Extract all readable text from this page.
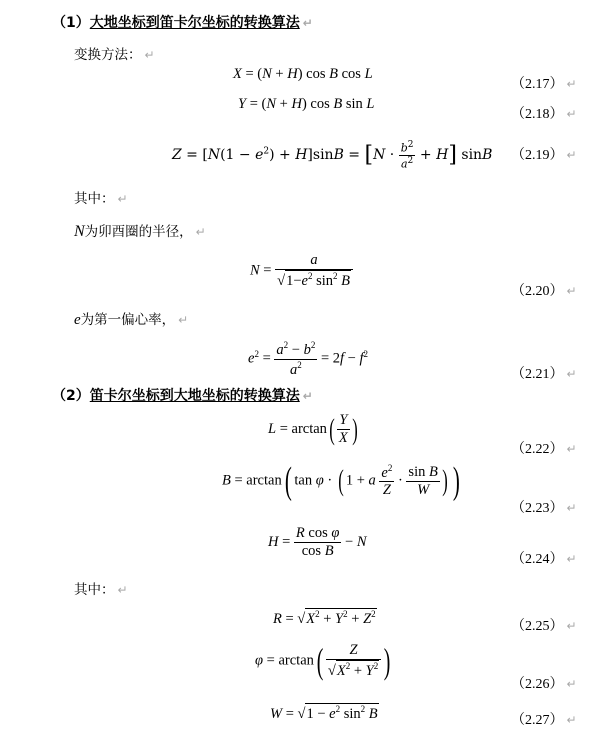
（1）大地坐标到笛卡尔坐标的转换算法 ↵
变换方法： ↵
X = (N + H) cos B cos L
Y = (N + H) cos B sin L
$Z = [N(1 - e^2) + H]\sin B = [N \cdot \frac{b^2}{a^2} + H]$ sinB
其中： ↵
N为卯酉圈的半径， ↵
$N = \frac{a}{√1-e^2 \sin^2 B}$
e为第一偏心率， ↵
$e^2 = \frac{a^2 - b^2}{a^2} = 2f - f^2$
（2）笛卡尔坐标到大地坐标的转换算法 ↵
$L = \arctan( \frac{Y}{X}$ )
B = arctan( tan φ · ( 1 + a $\frac{e^2}{Z} \cdot \frac{\text{sin B}}{W}$ ) )
$H = \frac{\text{R cos φ}}{\text{cos B}} - N$
其中： ↵
$R = √X^2 + Y^2 + Z^2$
$\varphi = \arctan( \frac{Z}{√X^2 + Y^2}$ )
$W = √1 - e^2$ $\sin^2 B$
（2.17） ↵
（2.18） ↵
（2.19） ↵
（2.20） ↵
（2.21） ↵
（2.22） ↵
（2.23） ↵
（2.24） ↵
（2.25） ↵
（2.26） ↵
（2.27） ↵
